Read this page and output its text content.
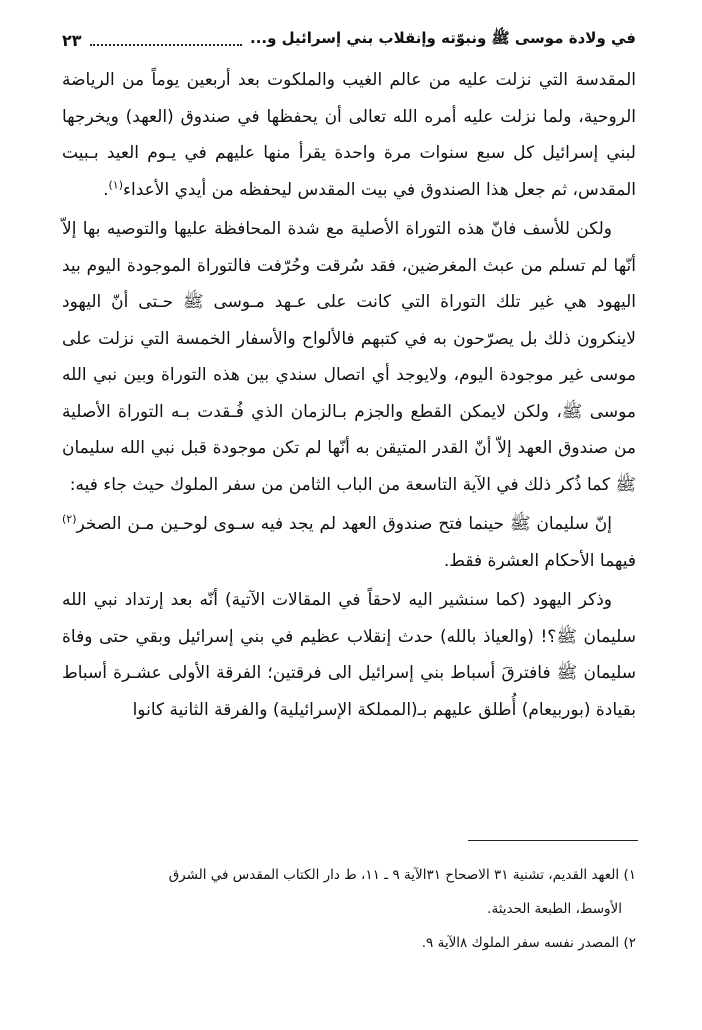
في ولادة موسى ﷺ ونبوّته وإنقلاب بني إسرائيل و...
٢٣

المقدسة التي نزلت عليه من عالم الغيب والملكوت بعد أربعين يوماً من الرياضة الروحية، ولما نزلت عليه أمره الله تعالى أن يحفظها في صندوق (العهد) ويخرجها لبني إسرائيل كل سبع سنوات مرة واحدة يقرأ منها عليهم في يـوم العيد بـبيت المقدس، ثم جعل هذا الصندوق في بيت المقدس ليحفظه من أيدي الأعداء$^{(١)}$.

ولكن للأسف فانّ هذه التوراة الأصلية مع شدة المحافظة عليها والتوصيه بها إلاّ أنّها لم تسلم من عبث المغرضين، فقد سُرقت وحُرّفت فالتوراة الموجودة اليوم بيد اليهود هي غير تلك التوراة التي كانت على عـهد مـوسى ﷺ حـتى أنّ اليهود لاينكرون ذلك بل يصرّحون به في كتبهم فالألواح والأسفار الخمسة التي نزلت على موسى غير موجودة اليوم، ولايوجد أي اتصال سندي بين هذه التوراة وبين نبي الله موسى ﷺ، ولكن لايمكن القطع والجزم بـالزمان الذي فُـقدت بـه التوراة الأصلية من صندوق العهد إلاّ أنّ القدر المتيقن به أنّها لم تكن موجودة قبل نبي الله سليمان ﷺ كما ذُكر ذلك في الآية التاسعة من الباب الثامن من سفر الملوك حيث جاء فيه:

إنّ سليمان ﷺ حينما فتح صندوق العهد لم يجد فيه سـوى لوحـين مـن الصخر$^{(٢)}$ فيهما الأحكام العشرة فقط.

وذكر اليهود (كما سنشير اليه لاحقاً في المقالات الآتية) أنّه بعد إرتداد نبي الله سليمان ﷺ؟! (والعياذ بالله) حدث إنقلاب عظيم في بني إسرائيل وبقي حتى وفاة سليمان ﷺ فافترقَ أسباط بني إسرائيل الى فرقتين؛ الفرقة الأولى عشـرة أسباط بقيادة (بوربيعام) أُطلق عليهم بـ(المملكة الإسرائيلية) والفرقة الثانية كانوا

١) العهد القديم، تشنية ٣١ الاصحاح ٣١الآية ٩ ـ ١١، ط دار الكتاب المقدس في الشرق

الأوسط، الطبعة الحديثة.

٢) المصدر نفسه سفر الملوك ٨الآية ٩.
